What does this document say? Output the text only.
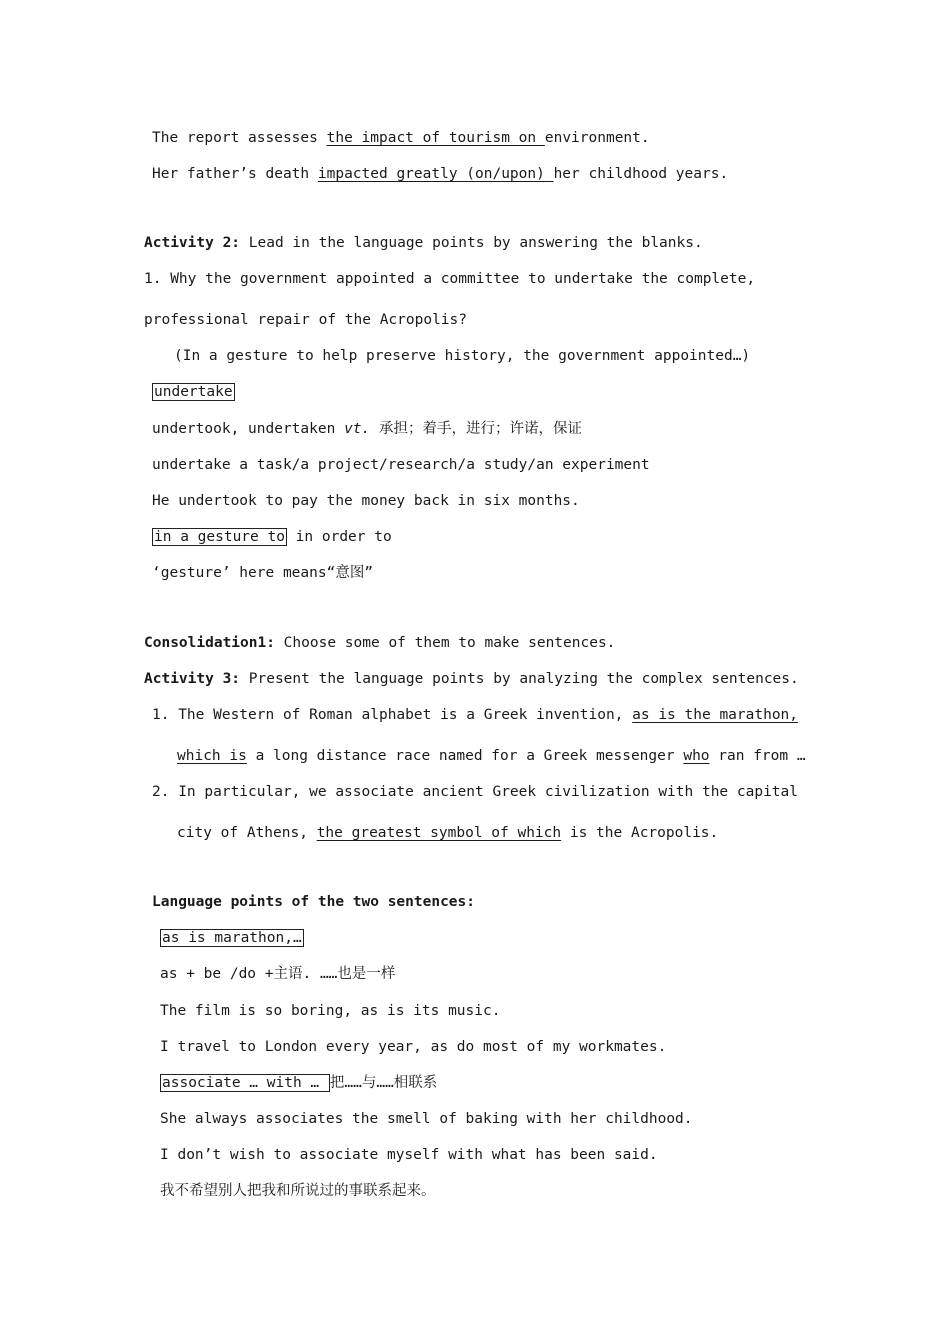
The report assesses the impact of tourism on environment.
Her father’s death impacted greatly (on/upon) her childhood years.
Activity 2: Lead in the language points by answering the blanks.
1. Why the government appointed a committee to undertake the complete,
professional repair of the Acropolis?
(In a gesture to help preserve history, the government appointed…)
undertake
undertook, undertaken vt. 承担；着手，进行；许诺，保证
undertake a task/a project/research/a study/an experiment
He undertook to pay the money back in six months.
in a gesture to in order to
‘gesture’ here means“意图”
Consolidation1: Choose some of them to make sentences.
Activity 3: Present the language points by analyzing the complex sentences.
1. The Western of Roman alphabet is a Greek invention, as is the marathon,
which is a long distance race named for a Greek messenger who ran from …
2. In particular, we associate ancient Greek civilization with the capital
city of Athens, the greatest symbol of which is the Acropolis.
Language points of the two sentences:
as is marathon,…
as + be /do +主语. ……也是一样
The film is so boring, as is its music.
I travel to London every year, as do most of my workmates.
associate … with … 把……与……相联系
She always associates the smell of baking with her childhood.
I don’t wish to associate myself with what has been said.
我不希望别人把我和所说过的事联系起来。
